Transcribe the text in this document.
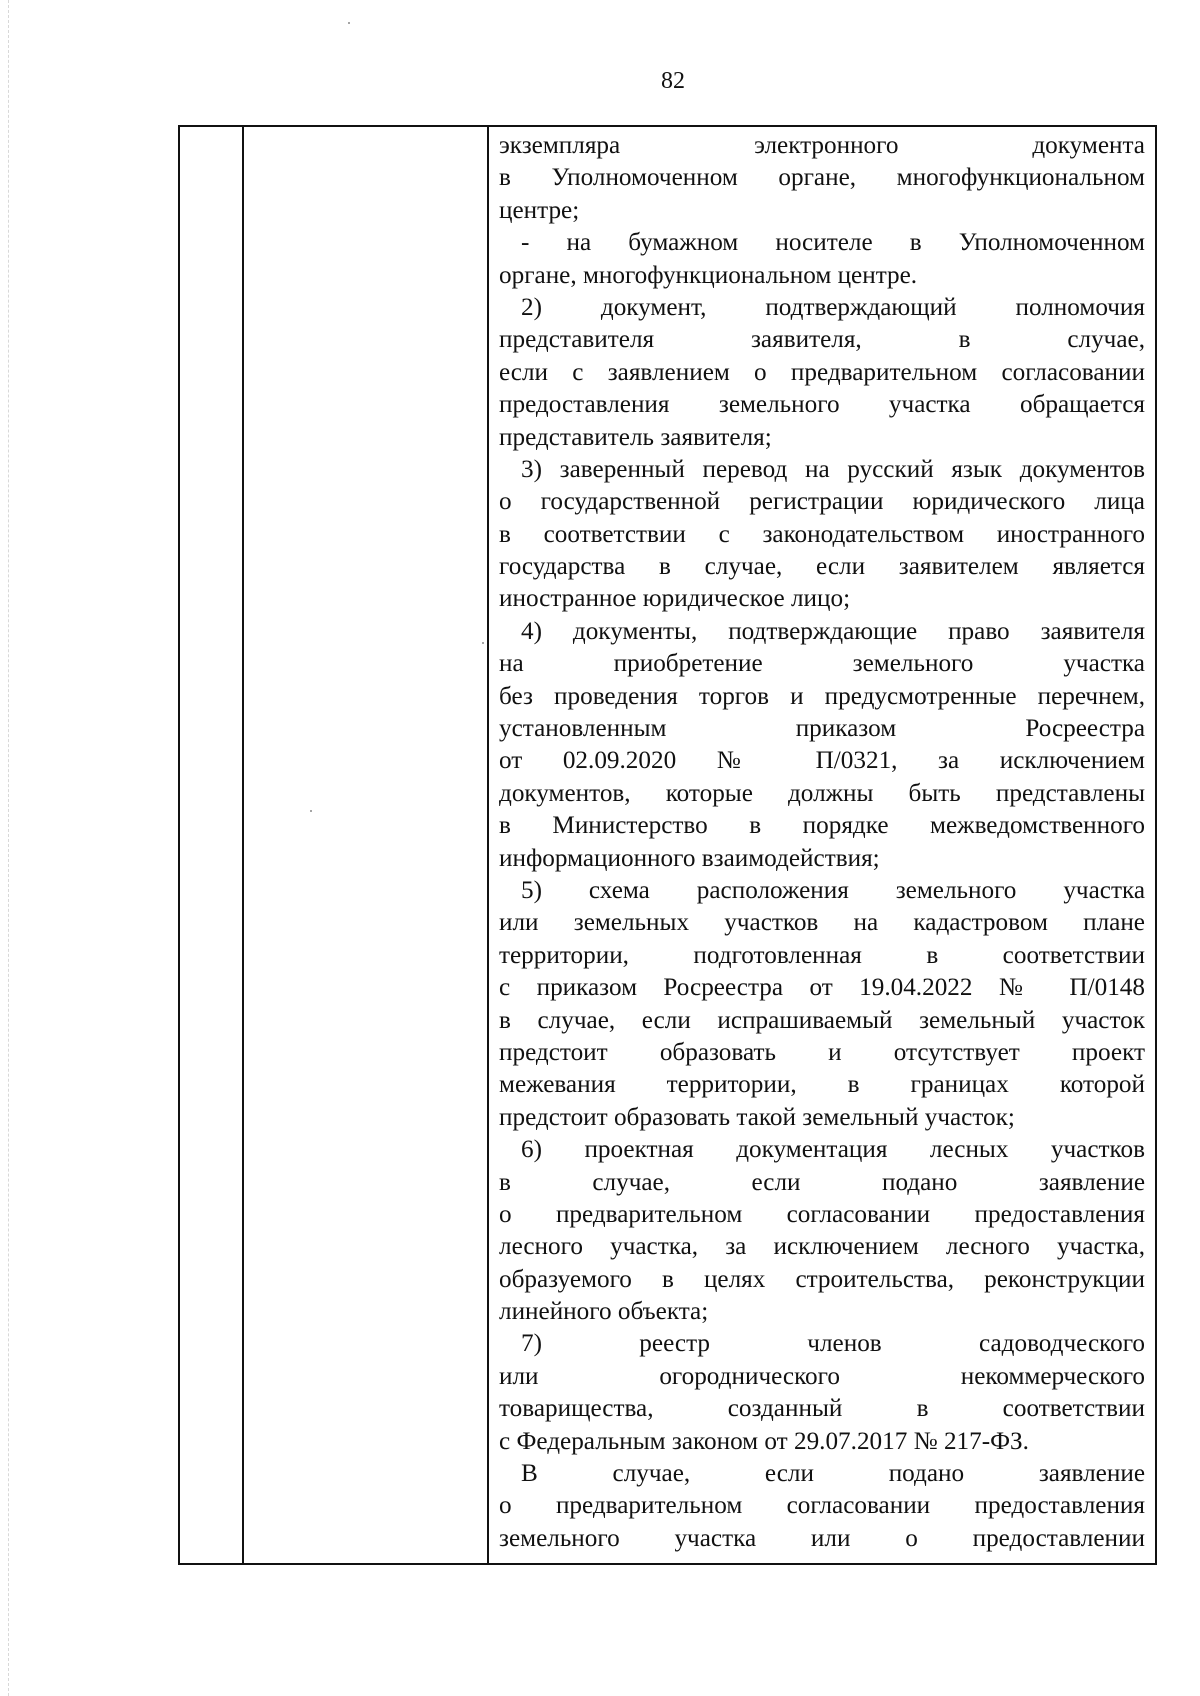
82
экземпляра электронного документа
в Уполномоченном органе, многофункциональном
центре;
- на бумажном носителе в Уполномоченном
органе, многофункциональном центре.
2) документ, подтверждающий полномочия
представителя заявителя, в случае,
если с заявлением о предварительном согласовании
предоставления земельного участка обращается
представитель заявителя;
3) заверенный перевод на русский язык документов
о государственной регистрации юридического лица
в соответствии с законодательством иностранного
государства в случае, если заявителем является
иностранное юридическое лицо;
4) документы, подтверждающие право заявителя
на приобретение земельного участка
без проведения торгов и предусмотренные перечнем,
установленным приказом Росреестра
от 02.09.2020 № П/0321, за исключением
документов, которые должны быть представлены
в Министерство в порядке межведомственного
информационного взаимодействия;
5) схема расположения земельного участка
или земельных участков на кадастровом плане
территории, подготовленная в соответствии
с приказом Росреестра от 19.04.2022 № П/0148
в случае, если испрашиваемый земельный участок
предстоит образовать и отсутствует проект
межевания территории, в границах которой
предстоит образовать такой земельный участок;
6) проектная документация лесных участков
в случае, если подано заявление
о предварительном согласовании предоставления
лесного участка, за исключением лесного участка,
образуемого в целях строительства, реконструкции
линейного объекта;
7) реестр членов садоводческого
или огороднического некоммерческого
товарищества, созданный в соответствии
с Федеральным законом от 29.07.2017 № 217-ФЗ.
В случае, если подано заявление
о предварительном согласовании предоставления
земельного участка или о предоставлении
